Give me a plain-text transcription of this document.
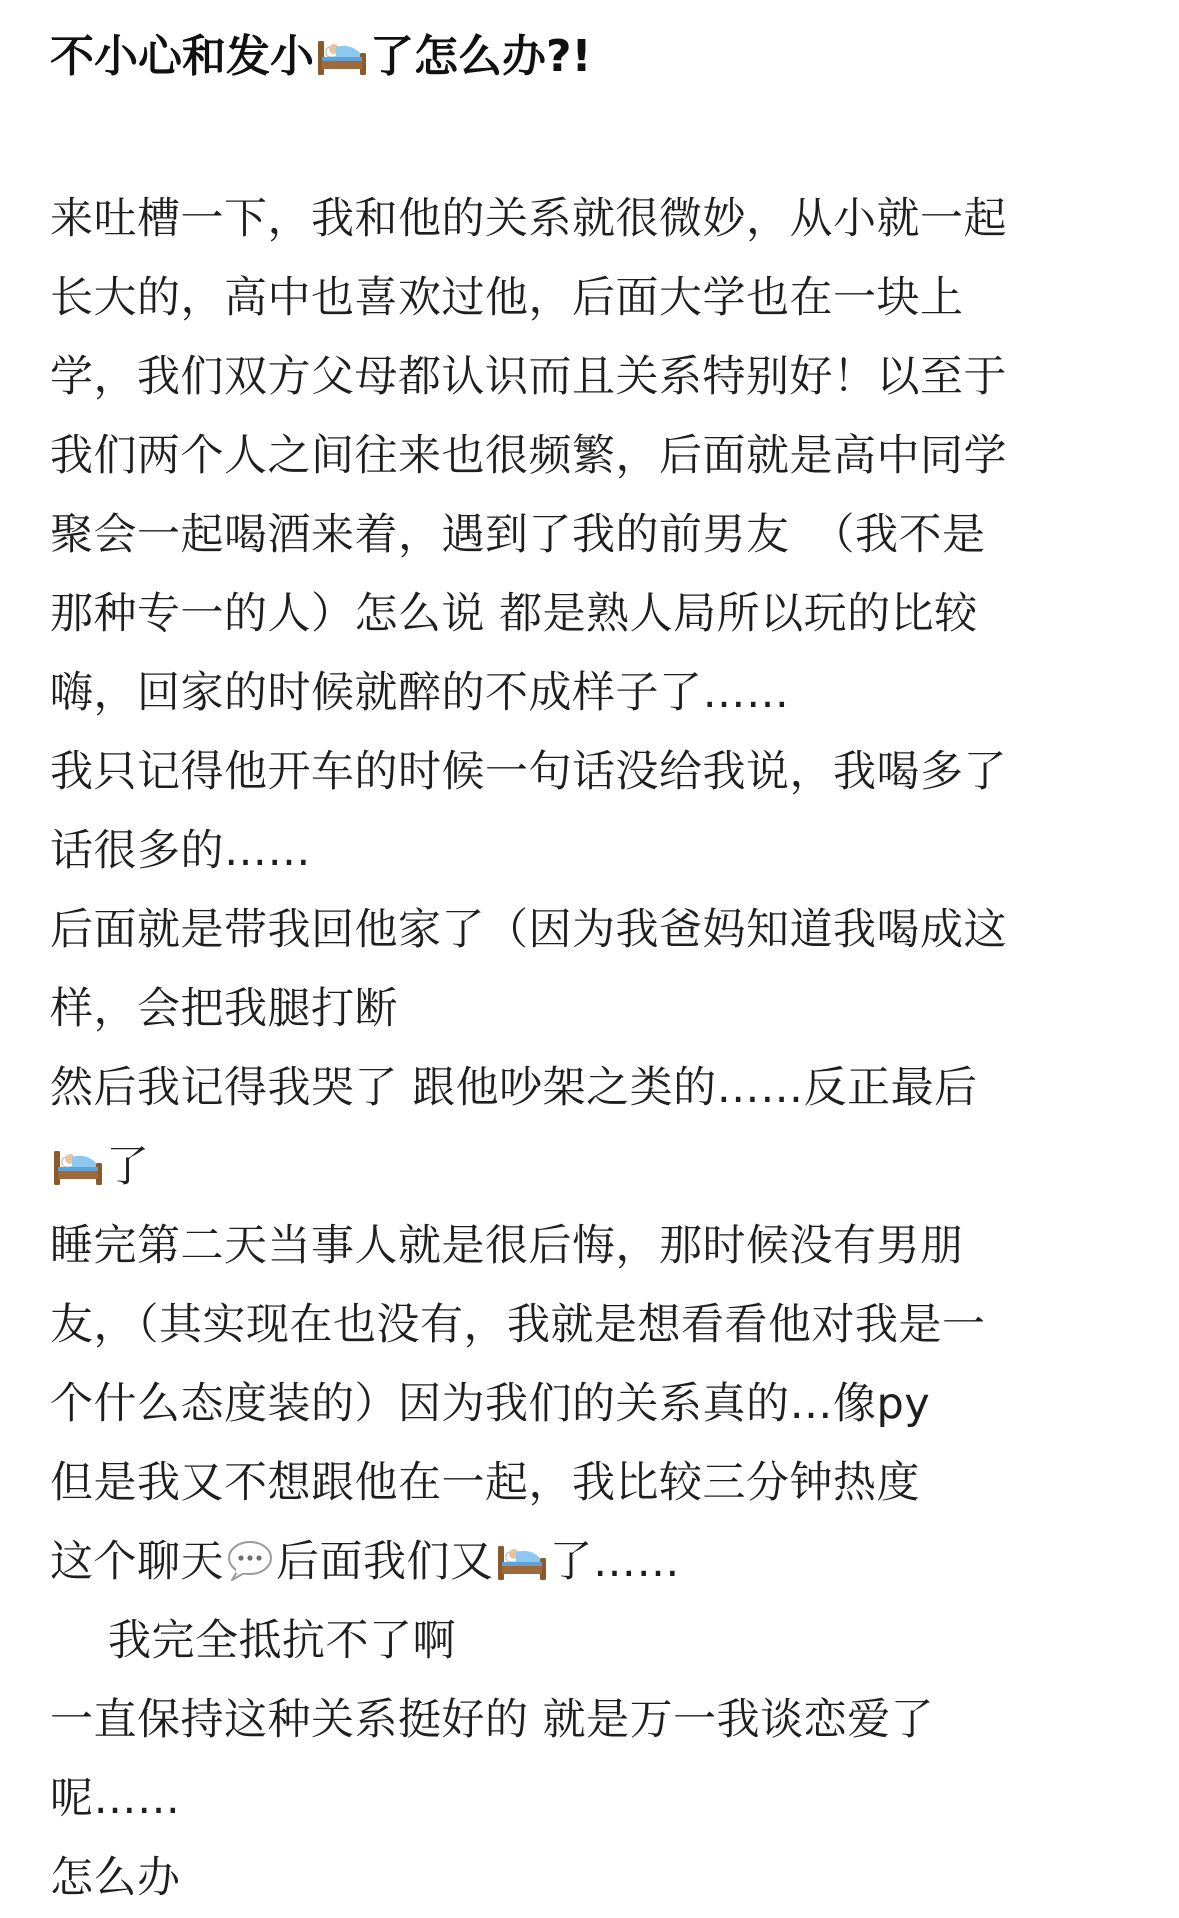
不小心和发小 了怎么办?!
来吐槽一下，我和他的关系就很微妙，从小就一起
长大的，高中也喜欢过他，后面大学也在一块上
学，我们双方父母都认识而且关系特别好！以至于
我们两个人之间往来也很频繁，后面就是高中同学
聚会一起喝酒来着，遇到了我的前男友　（我不是
那种专一的人）怎么说 都是熟人局所以玩的比较
嗨，回家的时候就醉的不成样子了……
我只记得他开车的时候一句话没给我说，我喝多了
话很多的……
后面就是带我回他家了（因为我爸妈知道我喝成这
样，会把我腿打断
然后我记得我哭了 跟他吵架之类的……反正最后
了
睡完第二天当事人就是很后悔，那时候没有男朋
友，（其实现在也没有，我就是想看看他对我是一
个什么态度装的）因为我们的关系真的…像py
但是我又不想跟他在一起，我比较三分钟热度
这个聊天 后面我们又 了……
我完全抵抗不了啊
一直保持这种关系挺好的 就是万一我谈恋爱了
呢……
怎么办
